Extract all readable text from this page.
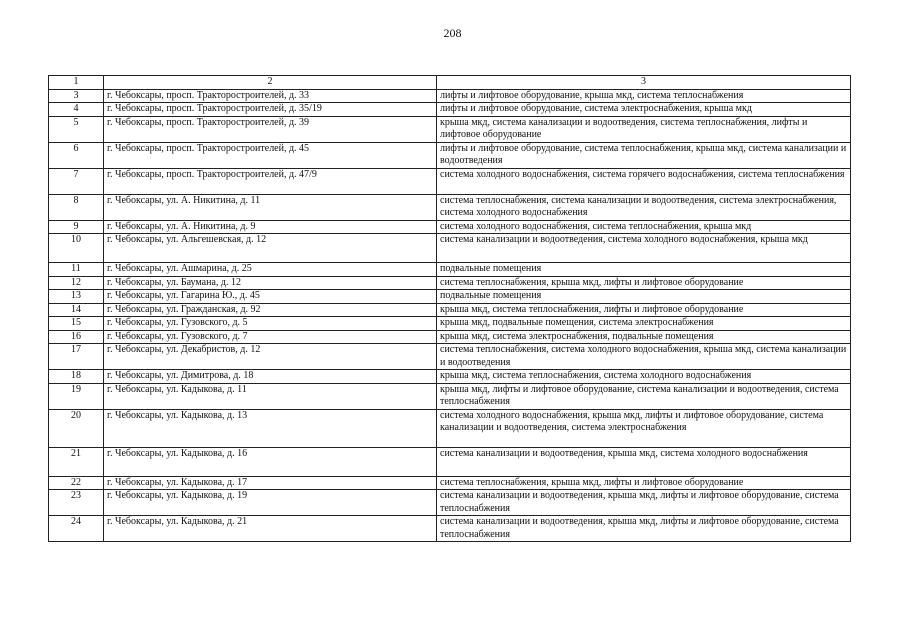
208
1	2	3
3	г. Чебоксары, просп. Тракторостроителей, д. 33	лифты и лифтовое оборудование, крыша мкд, система теплоснабжения
4	г. Чебоксары, просп. Тракторостроителей, д. 35/19	лифты и лифтовое оборудование, система электроснабжения, крыша мкд
5	г. Чебоксары, просп. Тракторостроителей, д. 39	крыша мкд, система канализации и водоотведения, система теплоснабжения, лифты и лифтовое оборудование
6	г. Чебоксары, просп. Тракторостроителей, д. 45	лифты и лифтовое оборудование, система теплоснабжения, крыша мкд, система канализации и водоотведения
7	г. Чебоксары, просп. Тракторостроителей, д. 47/9	система холодного водоснабжения, система горячего водоснабжения, система теплоснабжения
8	г. Чебоксары, ул. А. Никитина, д. 11	система теплоснабжения, система канализации и водоотведения, система электроснабжения, система холодного водоснабжения
9	г. Чебоксары, ул. А. Никитина, д. 9	система холодного водоснабжения, система теплоснабжения, крыша мкд
10	г. Чебоксары, ул. Альгешевская, д. 12	система канализации и водоотведения, система холодного водоснабжения, крыша мкд
11	г. Чебоксары, ул. Ашмарина, д. 25	подвальные помещения
12	г. Чебоксары, ул. Баумана, д. 12	система теплоснабжения, крыша мкд, лифты и лифтовое оборудование
13	г. Чебоксары, ул. Гагарина Ю., д. 45	подвальные помещения
14	г. Чебоксары, ул. Гражданская, д. 92	крыша мкд, система теплоснабжения, лифты и лифтовое оборудование
15	г. Чебоксары, ул. Гузовского, д. 5	крыша мкд, подвальные помещения, система электроснабжения
16	г. Чебоксары, ул. Гузовского, д. 7	крыша мкд, система электроснабжения, подвальные помещения
17	г. Чебоксары, ул. Декабристов, д. 12	система теплоснабжения, система холодного водоснабжения, крыша мкд, система канализации и водоотведения
18	г. Чебоксары, ул. Димитрова, д. 18	крыша мкд, система теплоснабжения, система холодного водоснабжения
19	г. Чебоксары, ул. Кадыкова, д. 11	крыша мкд, лифты и лифтовое оборудование, система канализации и водоотведения, система теплоснабжения
20	г. Чебоксары, ул. Кадыкова, д. 13	система холодного водоснабжения, крыша мкд, лифты и лифтовое оборудование, система канализации и водоотведения, система электроснабжения
21	г. Чебоксары, ул. Кадыкова, д. 16	система канализации и водоотведения, крыша мкд, система холодного водоснабжения
22	г. Чебоксары, ул. Кадыкова, д. 17	система теплоснабжения, крыша мкд, лифты и лифтовое оборудование
23	г. Чебоксары, ул. Кадыкова, д. 19	система канализации и водоотведения, крыша мкд, лифты и лифтовое оборудование, система теплоснабжения
24	г. Чебоксары, ул. Кадыкова, д. 21	система канализации и водоотведения, крыша мкд, лифты и лифтовое оборудование, система теплоснабжения
